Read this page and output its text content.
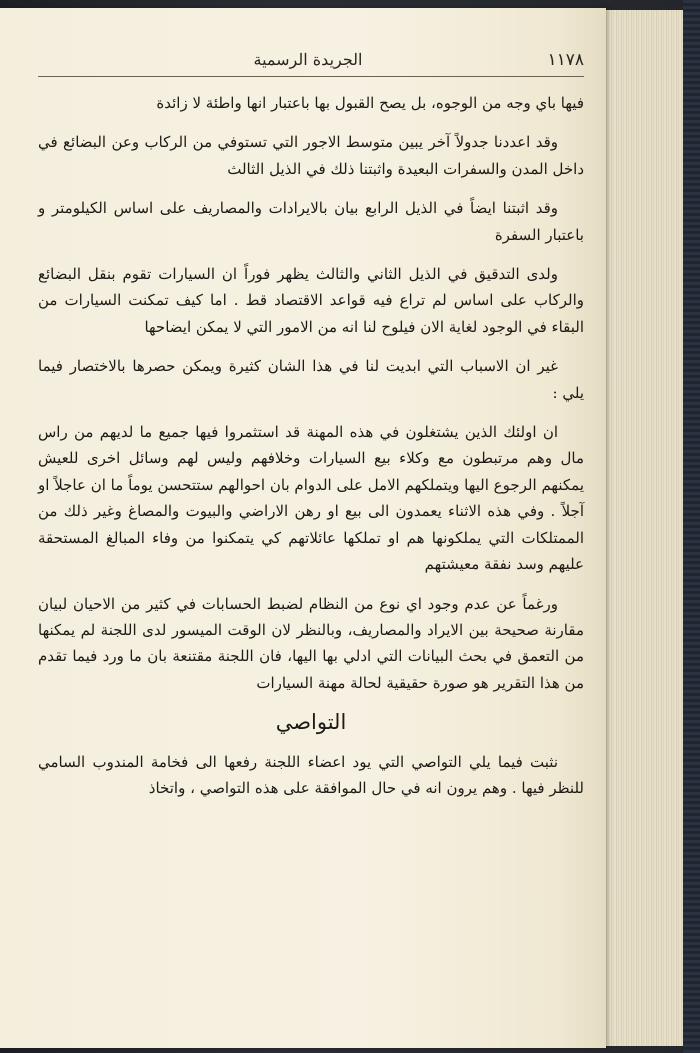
١١٧٨
الجريدة الرسمية

فيها باي وجه من الوجوه، بل يصح القبول بها باعتبار انها واطئة لا زائدة

وقد اعددنا جدولاً آخر يبين متوسط الاجور التي تستوفي من الركاب وعن البضائع في داخل المدن والسفرات البعيدة واثبتنا ذلك في الذيل الثالث

وقد اثبتنا ايضاً في الذيل الرابع بيان بالايرادات والمصاريف على اساس الكيلومتر و باعتبار السفرة

ولدى التدقيق في الذيل الثاني والثالث يظهر فوراً ان السيارات تقوم بنقل البضائع والركاب على اساس لم تراع فيه قواعد الاقتصاد قط . اما كيف تمكنت السيارات من البقاء في الوجود لغاية الان فيلوح لنا انه من الامور التي لا يمكن ايضاحها

غير ان الاسباب التي ابديت لنا في هذا الشان كثيرة ويمكن حصرها بالاختصار فيما يلي :

ان اولئك الذين يشتغلون في هذه المهنة قد استثمروا فيها جميع ما لديهم من راس مال وهم مرتبطون مع وكلاء بيع السيارات وخلافهم وليس لهم وسائل اخرى للعيش يمكنهم الرجوع اليها ويتملكهم الامل على الدوام بان احوالهم ستتحسن يوماً ما ان عاجلاً او آجلاً . وفي هذه الاثناء يعمدون الى بيع او رهن الاراضي والبيوت والمصاغ وغير ذلك من الممتلكات التي يملكونها هم او تملكها عائلاتهم كي يتمكنوا من وفاء المبالغ المستحقة عليهم وسد نفقة معيشتهم

ورغماً عن عدم وجود اي نوع من النظام لضبط الحسابات في كثير من الاحيان لبيان مقارنة صحيحة بين الايراد والمصاريف، وبالنظر لان الوقت الميسور لدى اللجنة لم يمكنها من التعمق في بحث البيانات التي ادلي بها اليها، فان اللجنة مقتنعة بان ما ورد فيما تقدم من هذا التقرير هو صورة حقيقية لحالة مهنة السيارات

التواصي

نثبت فيما يلي التواصي التي يود اعضاء اللجنة رفعها الى فخامة المندوب السامي للنظر فيها . وهم يرون انه في حال الموافقة على هذه التواصي ، واتخاذ
